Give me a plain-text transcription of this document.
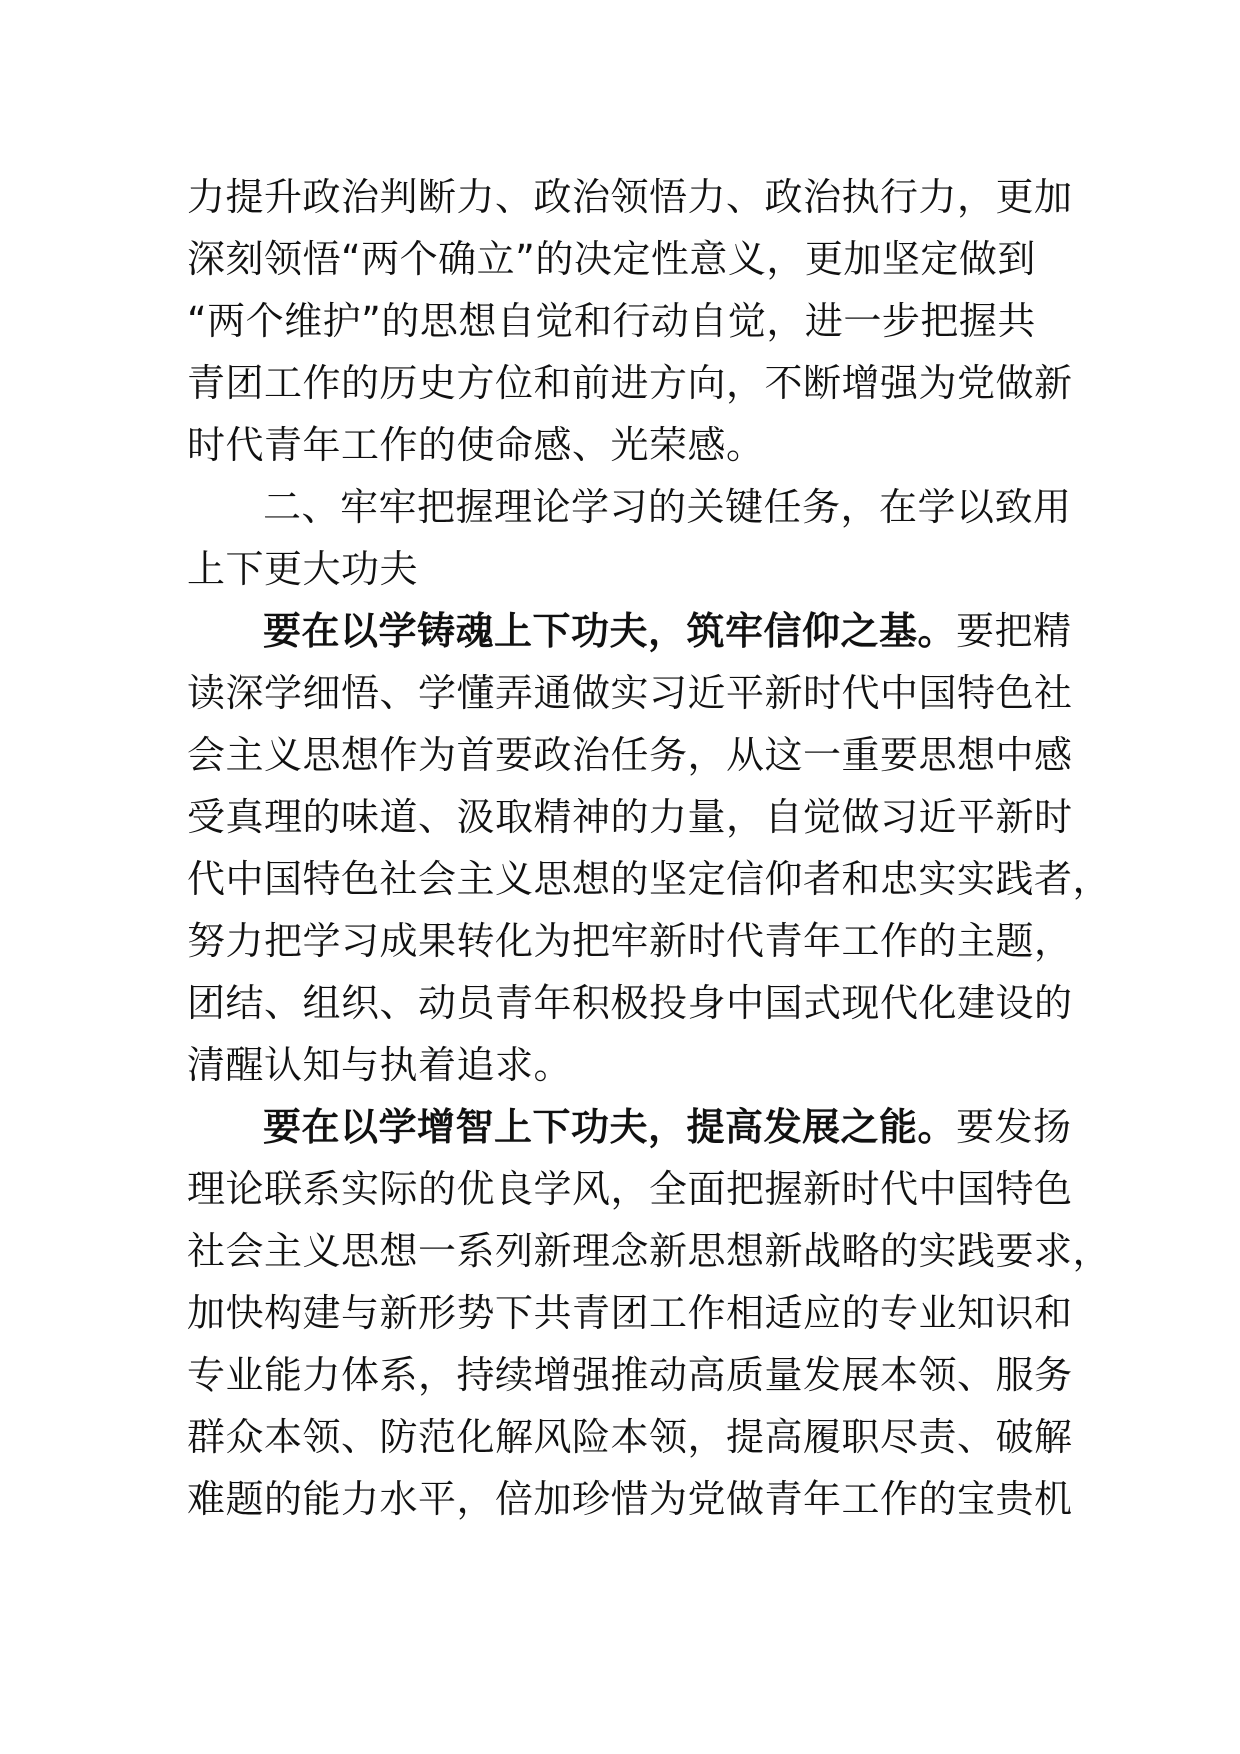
力提升政治判断力、政治领悟力、政治执行力，更加
深刻领悟“两个确立”的决定性意义，更加坚定做到
“两个维护”的思想自觉和行动自觉，进一步把握共
青团工作的历史方位和前进方向，不断增强为党做新
时代青年工作的使命感、光荣感。
二、牢牢把握理论学习的关键任务，在学以致用
上下更大功夫
要在以学铸魂上下功夫，筑牢信仰之基。要把精
读深学细悟、学懂弄通做实习近平新时代中国特色社
会主义思想作为首要政治任务，从这一重要思想中感
受真理的味道、汲取精神的力量，自觉做习近平新时
代中国特色社会主义思想的坚定信仰者和忠实实践者，
努力把学习成果转化为把牢新时代青年工作的主题，
团结、组织、动员青年积极投身中国式现代化建设的
清醒认知与执着追求。
要在以学增智上下功夫，提高发展之能。要发扬
理论联系实际的优良学风，全面把握新时代中国特色
社会主义思想一系列新理念新思想新战略的实践要求，
加快构建与新形势下共青团工作相适应的专业知识和
专业能力体系，持续增强推动高质量发展本领、服务
群众本领、防范化解风险本领，提高履职尽责、破解
难题的能力水平，倍加珍惜为党做青年工作的宝贵机
